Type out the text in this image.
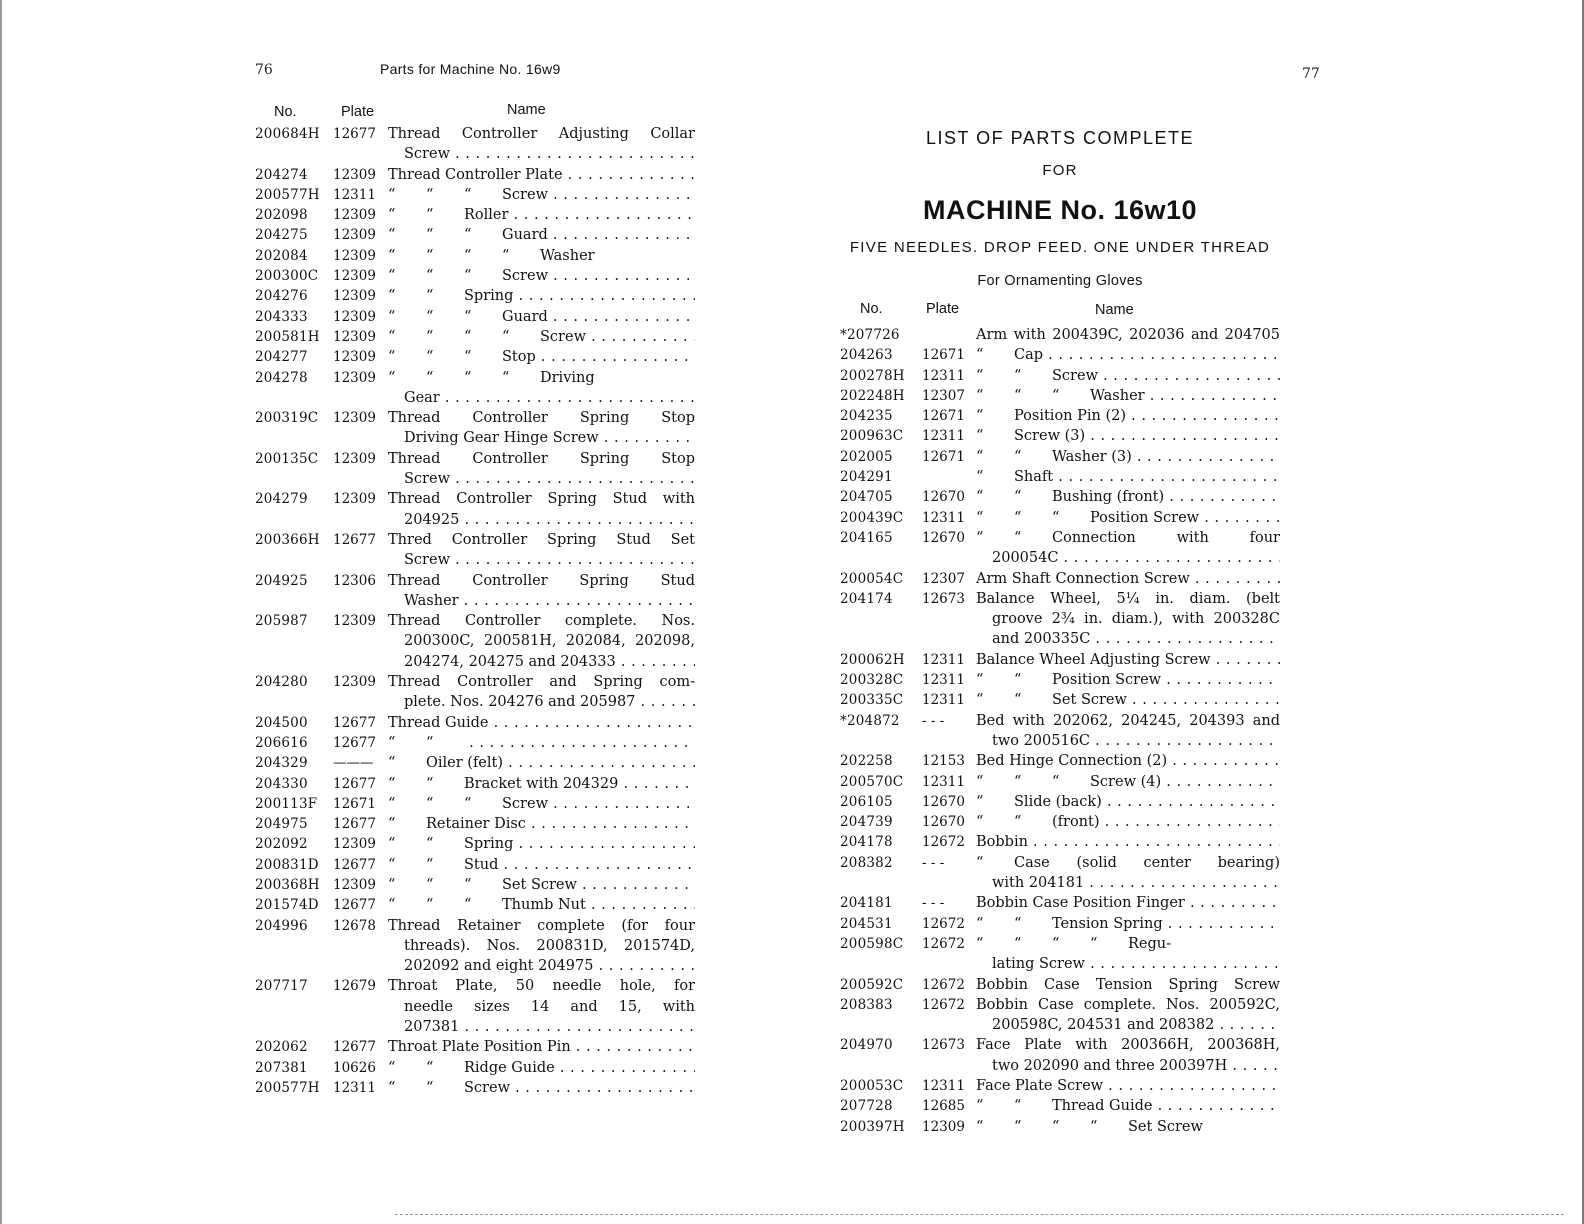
76	Parts for Machine No. 16w9
No.	Plate	Name
200684H 12677 Thread Controller Adjusting Collar
Screw . . .
204274	12309 Thread Controller Plate . . .
200577H 12311 “ “ “ Screw . . .
202098	12309 “ “ Roller . . .
204275	12309 “ “ “ Guard . . .
202084	12309 “ “ “ “ Washer
200300C	12309 “ “ “ Screw . . .
204276	12309 “ “ Spring . . .
204333	12309 “ “ “ Guard . . .
200581H 12309 “ “ “ “ Screw . . .
204277	12309 “ “ “ Stop . . .
204278	12309 “ “ “ “ Driving
Gear . . .
200319C	12309 Thread Controller Spring Stop
Driving Gear Hinge Screw . . .
200135C	12309 Thread Controller Spring Stop
Screw . . .
204279	12309 Thread Controller Spring Stud with
204925 . . .
200366H 12677 Thred Controller Spring Stud Set
Screw . . .
204925	12306 Thread Controller Spring Stud
Washer . . .
205987	12309 Thread Controller complete. Nos.
200300C, 200581H, 202084, 202098,
204274, 204275 and 204333 . . .
204280	12309 Thread Controller and Spring com-
plete. Nos. 204276 and 205987 . . .
204500	12677 Thread Guide . . .
206616	12677 “ “ . . .
204329	———	“ Oiler (felt) . . .
204330	12677 “ “ Bracket with 204329 . . .
200113F	12671 “ “ “ Screw . . .
204975	12677 “ Retainer Disc . . .
202092	12309 “ “ Spring . . .
200831D	12677 “ “ Stud . . .
200368H 12309 “ “ “ Set Screw . . .
201574D	12677 “ “ “ Thumb Nut . . .
204996	12678 Thread Retainer complete (for four
threads). Nos. 200831D, 201574D,
202092 and eight 204975 . . .
207717	12679 Throat Plate, 50 needle hole, for
needle sizes 14 and 15, with
207381 . . .
202062	12677 Throat Plate Position Pin . . .
207381	10626 “ “ Ridge Guide . . .
200577H 12311 “ “ Screw . . .
77
LIST OF PARTS COMPLETE
FOR
MACHINE No. 16w10
FIVE NEEDLES. DROP FEED. ONE UNDER THREAD
For Ornamenting Gloves
No.	Plate	Name
*207726	Arm with 200439C, 202036 and 204705
204263	12671 “ Cap . . .
200278H	12311 “ “ Screw . . .
202248H	12307 “ “ “ Washer . . .
204235	12671 “ Position Pin (2) . . .
200963C	12311 “ Screw (3) . . .
202005	12671 “ “ Washer (3) . . .
204291	“ Shaft . . .
204705	12670 “ “ Bushing (front) . . .
200439C	12311 “ “ “ Position Screw . . .
204165	12670 “ “ Connection with four
200054C . . .
200054C	12307 Arm Shaft Connection Screw . . .
204174	12673 Balance Wheel, 5¼ in. diam. (belt
groove 2¾ in. diam.), with 200328C
and 200335C . . .
200062H	12311 Balance Wheel Adjusting Screw . . .
200328C	12311 “ “ Position Screw . . .
200335C	12311 “ “ Set Screw . . .
*204872	- - -	Bed with 202062, 204245, 204393 and
two 200516C . . .
202258	12153 Bed Hinge Connection (2) . . .
200570C	12311 “ “ “ Screw (4) . . .
206105	12670 “ Slide (back) . . .
204739	12670 “ “ (front) . . .
204178	12672 Bobbin . . .
208382	- - -	“ Case (solid center bearing)
with 204181 . . .
204181	- - -	Bobbin Case Position Finger . . .
204531	12672 “ “ Tension Spring . . .
200598C	12672 “ “ “ “ Regu-
lating Screw . . .
200592C	12672 Bobbin Case Tension Spring Screw
208383	12672 Bobbin Case complete. Nos. 200592C,
200598C, 204531 and 208382 . . .
204970	12673 Face Plate with 200366H, 200368H,
two 202090 and three 200397H . . .
200053C	12311 Face Plate Screw . . .
207728	12685 “ “ Thread Guide . . .
200397H	12309 “ “ “ “ Set Screw
